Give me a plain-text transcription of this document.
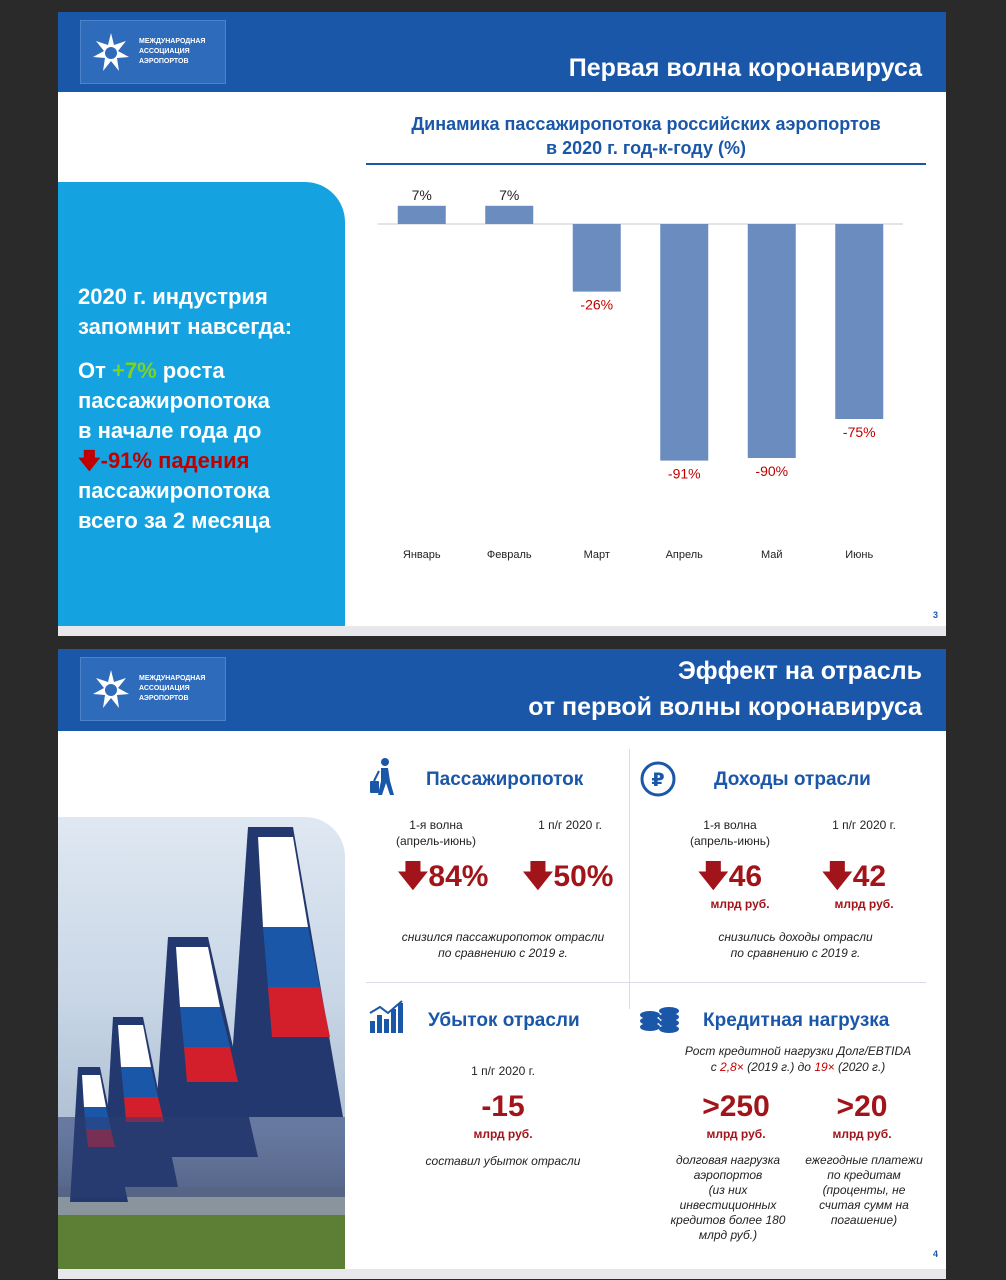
МЕЖДУНАРОДНАЯ
АССОЦИАЦИЯ
АЭРОПОРТОВ	Первая волна коронавируса

2020 г. индустрия
запомнит навсегда:

От +7% роста
пассажиропотока
в начале года до
🡇-91% падения
пассажиропотока
всего за 2 месяца

Динамика пассажиропотока российских аэропортов
в 2020 г. год-к-году (%)
7%
Январь
7%
Февраль
-26%
Март
-91%
Апрель
-90%
Май
-75%
Июнь
3
МЕЖДУНАРОДНАЯ
АССОЦИАЦИЯ
АЭРОПОРТОВ
Эффект на отрасль
от первой волны коронавируса
Пассажиропоток
1-я волна
(апрель-июнь)
1 п/г 2020 г.
🡇84%	🡇50%
снизился пассажиропоток отрасли
по сравнению с 2019 г.
₽	Доходы отрасли
1-я волна
(апрель-июнь)
1 п/г 2020 г.
🡇46	🡇42
млрд руб.	млрд руб.
снизились доходы отрасли
по сравнению с 2019 г.
Убыток отрасли
1 п/г 2020 г.
-15
млрд руб.
составил убыток отрасли
Кредитная нагрузка
Рост кредитной нагрузки Долг/EBTIDA
с 2,8× (2019 г.) до 19× (2020 г.)
>250	>20
млрд руб.	млрд руб.
долговая нагрузка
аэропортов
(из них
инвестиционных
кредитов более 180
млрд руб.)
ежегодные платежи
по кредитам
(проценты, не
считая сумм на
погашение)
4
